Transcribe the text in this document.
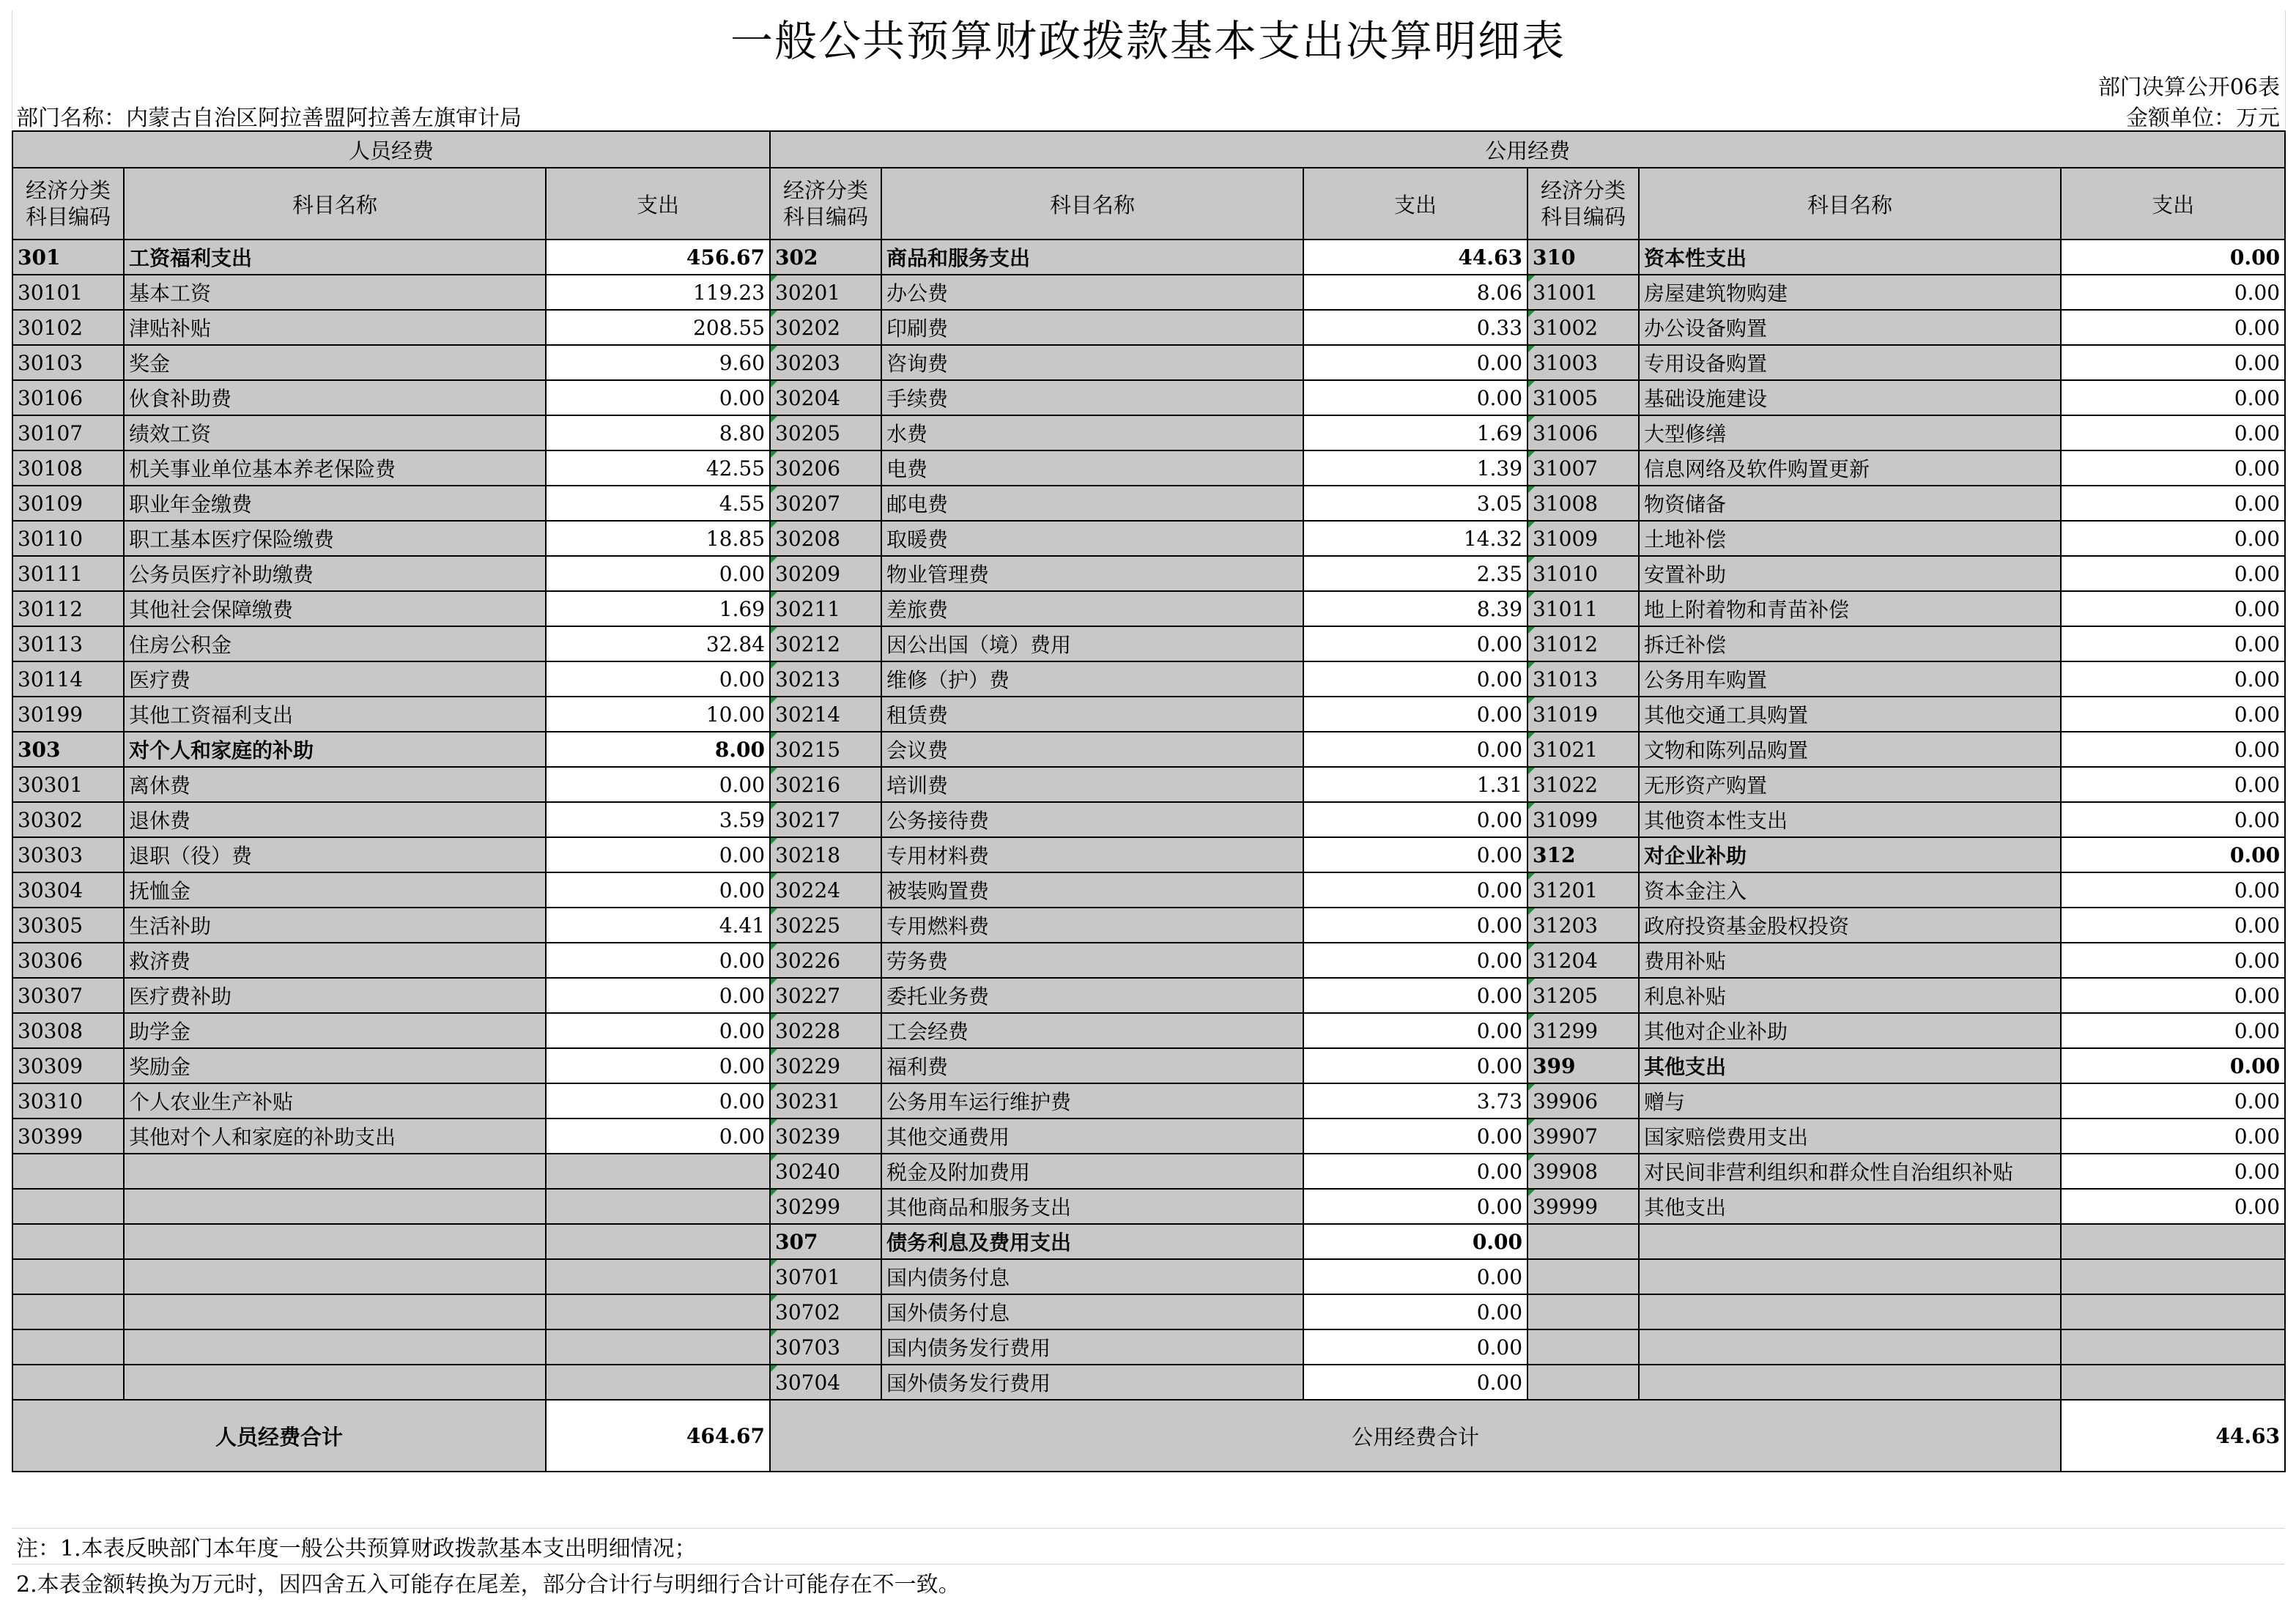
一般公共预算财政拨款基本支出决算明细表
部门决算公开06表
部门名称：内蒙古自治区阿拉善盟阿拉善左旗审计局	金额单位：万元
人员经费			公用经费					
经济分类科目编码	科目名称	支出	经济分类科目编码	科目名称	支出	经济分类科目编码	科目名称	支出
301	工资福利支出	456.67	302	商品和服务支出	44.63	310	资本性支出	0.00
30101	基本工资	119.23	30201	办公费	8.06	31001	房屋建筑物购建	0.00
30102	津贴补贴	208.55	30202	印刷费	0.33	31002	办公设备购置	0.00
30103	奖金	9.60	30203	咨询费	0.00	31003	专用设备购置	0.00
30106	伙食补助费	0.00	30204	手续费	0.00	31005	基础设施建设	0.00
30107	绩效工资	8.80	30205	水费	1.69	31006	大型修缮	0.00
30108	机关事业单位基本养老保险费	42.55	30206	电费	1.39	31007	信息网络及软件购置更新	0.00
30109	职业年金缴费	4.55	30207	邮电费	3.05	31008	物资储备	0.00
30110	职工基本医疗保险缴费	18.85	30208	取暖费	14.32	31009	土地补偿	0.00
30111	公务员医疗补助缴费	0.00	30209	物业管理费	2.35	31010	安置补助	0.00
30112	其他社会保障缴费	1.69	30211	差旅费	8.39	31011	地上附着物和青苗补偿	0.00
30113	住房公积金	32.84	30212	因公出国（境）费用	0.00	31012	拆迁补偿	0.00
30114	医疗费	0.00	30213	维修（护）费	0.00	31013	公务用车购置	0.00
30199	其他工资福利支出	10.00	30214	租赁费	0.00	31019	其他交通工具购置	0.00
303	对个人和家庭的补助	8.00	30215	会议费	0.00	31021	文物和陈列品购置	0.00
30301	离休费	0.00	30216	培训费	1.31	31022	无形资产购置	0.00
30302	退休费	3.59	30217	公务接待费	0.00	31099	其他资本性支出	0.00
30303	退职（役）费	0.00	30218	专用材料费	0.00	312	对企业补助	0.00
30304	抚恤金	0.00	30224	被装购置费	0.00	31201	资本金注入	0.00
30305	生活补助	4.41	30225	专用燃料费	0.00	31203	政府投资基金股权投资	0.00
30306	救济费	0.00	30226	劳务费	0.00	31204	费用补贴	0.00
30307	医疗费补助	0.00	30227	委托业务费	0.00	31205	利息补贴	0.00
30308	助学金	0.00	30228	工会经费	0.00	31299	其他对企业补助	0.00
30309	奖励金	0.00	30229	福利费	0.00	399	其他支出	0.00
30310	个人农业生产补贴	0.00	30231	公务用车运行维护费	3.73	39906	赠与	0.00
30399	其他对个人和家庭的补助支出	0.00	30239	其他交通费用	0.00	39907	国家赔偿费用支出	0.00
			30240	税金及附加费用	0.00	39908	对民间非营利组织和群众性自治组织补贴	0.00
			30299	其他商品和服务支出	0.00	39999	其他支出	0.00
			307	债务利息及费用支出	0.00			
			30701	国内债务付息	0.00			
			30702	国外债务付息	0.00			
			30703	国内债务发行费用	0.00			
			30704	国外债务发行费用	0.00			
人员经费合计		464.67	公用经费合计					44.63
注：1.本表反映部门本年度一般公共预算财政拨款基本支出明细情况；
2.本表金额转换为万元时，因四舍五入可能存在尾差，部分合计行与明细行合计可能存在不一致。
